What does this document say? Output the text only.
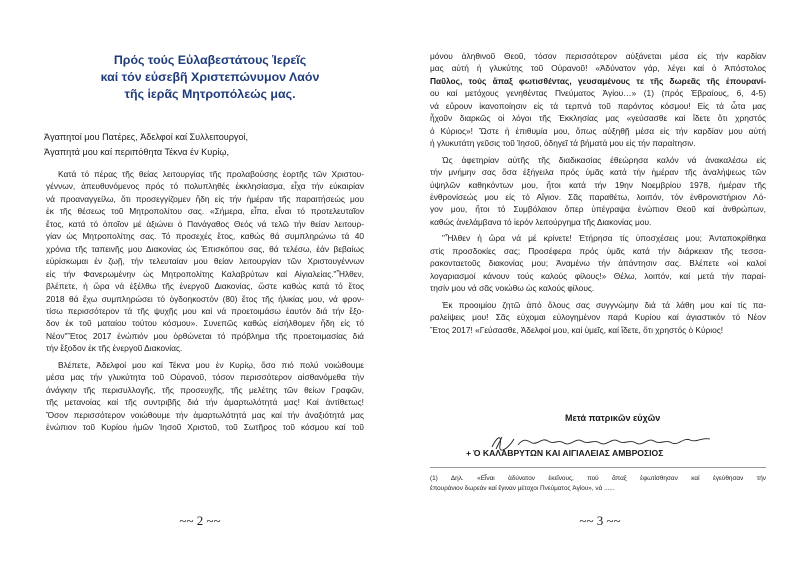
Πρός τούς Εὐλαβεστάτους Ἱερεῖς
καί τόν εὐσεβῆ Χριστεπώνυμον Λαόν
τῆς ἱερᾶς Μητροπόλεώς μας.
Ἀγαπητοί μου Πατέρες, Ἀδελφοί καί Συλλειτουργοί,
Ἀγαπητά μου καί περιπόθητα Τέκνα ἐν Κυρίῳ,
Κατά τό πέρας τῆς θείας λειτουργίας τῆς προλαβούσης ἑορτῆς τῶν Χριστου-
γέννων, ἀπευθυνόμενος πρός τό πολυπληθές ἐκκλησίασμα, εἶχα τήν εὐκαιρίαν
νά προαναγγείλω, ὅτι προσεγγίζομεν ἤδη εἰς τήν ἡμέραν τῆς παραιτήσεώς μου
ἐκ τῆς θέσεως τοῦ Μητροπολίτου σας. «Σήμερα, εἶπα, εἶναι τό προτελευταῖον
ἔτος, κατά τό ὁποῖον μέ ἀξιώνει ὁ Πανάγαθος Θεός νά τελῶ τήν θείαν λειτουρ-
γίαν ὡς Μητροπολίτης σας. Τό προσεχές ἔτος, καθώς θά συμπληρώνω τά 40
χρόνια τῆς ταπεινῆς μου Διακονίας ὡς Ἐπισκόπου σας, θά τελέσω, ἐάν βεβαίως
εὑρίσκωμαι ἐν ζωῇ, τήν τελευταίαν μου θείαν λειτουργίαν τῶν Χριστουγέννων
εἰς τήν Φανερωμένην ὡς Μητροπολίτης Καλαβρύτων καί Αἰγιαλείας."Ἦλθεν,
βλέπετε, ἡ ὥρα νά ἐξέλθω τῆς ἐνεργοῦ Διακονίας, ὥστε καθώς κατά τό ἔτος
2018 θά ἔχω συμπληρώσει τό ὀγδοηκοστόν (80) ἔτος τῆς ἡλικίας μου, νά φρον-
τίσω περισσότερον τά τῆς ψυχῆς μου καί νά προετοιμάσω ἑαυτόν διά τήν ἔξο-
δον ἐκ τοῦ ματαίου τούτου κόσμου». Συνεπῶς καθώς εἰσήλθομεν ἤδη εἰς τό
Νέον"Ἔτος 2017 ἐνώπιόν μου ὀρθώνεται τό πρόβλημα τῆς προετοιμασίας διά
τήν ἔξοδον ἐκ τῆς ἐνεργοῦ Διακονίας.
Βλέπετε, Ἀδελφοί μου καί Τέκνα μου ἐν Κυρίῳ, ὅσο πιό πολύ νοιώθουμε
μέσα μας τήν γλυκύτητα τοῦ Οὐρανοῦ, τόσον περισσότερον αἰσθανόμεθα τήν
ἀνάγκην τῆς περισυλλογῆς, τῆς προσευχῆς, τῆς μελέτης τῶν θείων Γραφῶν,
τῆς μετανοίας καί τῆς συντριβῆς διά τήν ἁμαρτωλότητά μας! Καί ἀντίθετως!
Ὅσον περισσότερον νοιώθουμε τήν ἁμαρτωλότητά μας καί τήν ἀναξιότητά μας
ἐνώπιον τοῦ Κυρίου ἡμῶν Ἰησοῦ Χριστοῦ, τοῦ Σωτῆρος τοῦ κόσμου καί τοῦ
~~ 2 ~~
μόνου ἀληθινοῦ Θεοῦ, τόσον περισσότερον αὐξάνεται μέσα εἰς τήν καρδίαν
μας αὐτή ἡ γλυκύτης τοῦ Οὐρανοῦ! «Ἀδύνατον γάρ, λέγει καί ὁ Ἀπόστολος
Παῦλος, τούς ἅπαξ φωτισθέντας, γευσαμένους τε τῆς δωρεᾶς τῆς ἐπουρανί-
ου καί μετόχους γενηθέντας Πνεύματος Ἁγίου…» (1) (πρός Ἑβραίους, 6, 4-5)
νά εὕρουν ἱκανοποίησιν εἰς τά τερπνά τοῦ παρόντος κόσμου! Εἰς τά ὦτα μας
ἦχοῦν διαρκῶς οἱ λόγοι τῆς Ἐκκλησίας μας «γεύσασθε καί ἴδετε ὅτι χρηστός
ὁ Κύριος»! Ὥστε ἡ ἐπιθυμία μου, ὅπως αὐξηθῇ μέσα εἰς τήν καρδίαν μου αὐτή
ἡ γλυκυτάτη γεῦσις τοῦ Ἰησοῦ, ὁδηγεῖ τά βήματά μου εἰς τήν παραίτησιν.
Ὡς ἀφετηρίαν αὐτῆς τῆς διαδικασίας ἐθεώρησα καλόν νά ἀνακαλέσω εἰς
τήν μνήμην σας ὅσα ἐξήγειλα πρός ὑμᾶς κατά τήν ἡμέραν τῆς ἀναλήψεως τῶν
ὑψηλῶν καθηκόντων μου, ἤτοι κατά τήν 19ην Νοεμβρίου 1978, ἡμέραν τῆς
ἐνθρονίσεώς μου εἰς τό Αἴγιον. Σᾶς παραθέτω, λοιπόν, τόν ἐνθρονιστήριον Λό-
γον μου, ἤτοι τό Συμβόλαιον ὅπερ ὑπέγραψα ἐνώπιον Θεοῦ καί ἀνθρώπων,
καθώς ἀνελάμβανα τό ἱερόν λειτούργημα τῆς Διακονίας μου.
"Ἦλθεν ἡ ὥρα νά μέ κρίνετε! Ἐτήρησα τίς ὑποσχέσεις μου; Ἀνταποκρίθηκα
στίς προσδοκίες σας; Προσέφερα πρός ὑμᾶς κατά τήν διάρκειαν τῆς τεσσα-
ρακονταετοῦς διακονίας μου; Ἀναμένω τήν ἀπάντησιν σας. Βλέπετε «οἱ καλοί
λογαριασμοί κάνουν τούς καλούς φίλους!» Θέλω, λοιπόν, καί μετά τήν παραί-
τησίν μου νά σᾶς νοιώθω ὡς καλούς φίλους.
Ἐκ προοιμίου ζητῶ ἀπό ὅλους σας συγγνώμην διά τά λάθη μου καί τίς πα-
ραλείψεις μου! Σᾶς εὐχομαι εὐλογημένον παρά Κυρίου καί ἁγιαστικόν τό Νέον
Ἔτος 2017! «Γεύσασθε, Ἀδελφοί μου, καί ὑμεῖς, καί ἴδετε, ὅτι χρηστός ὁ Κύριος!
Μετά πατρικῶν εὐχῶν
+ Ὁ ΚΑΛΑΒΡΥΤΩΝ ΚΑΙ ΑΙΓΙΑΛΕΙΑΣ ΑΜΒΡΟΣΙΟΣ
(1) Δηλ. «Εἶναι ἀδύνατον ἐκεῖνους, πού ἅπαξ ἐφωτίσθησαν καί ἐγεύθησαν τήν
ἐπουράνιον δωρεάν καί ἔγιναν μέτοχοι Πνεύματος Ἁγίου», νά ......
~~ 3 ~~
